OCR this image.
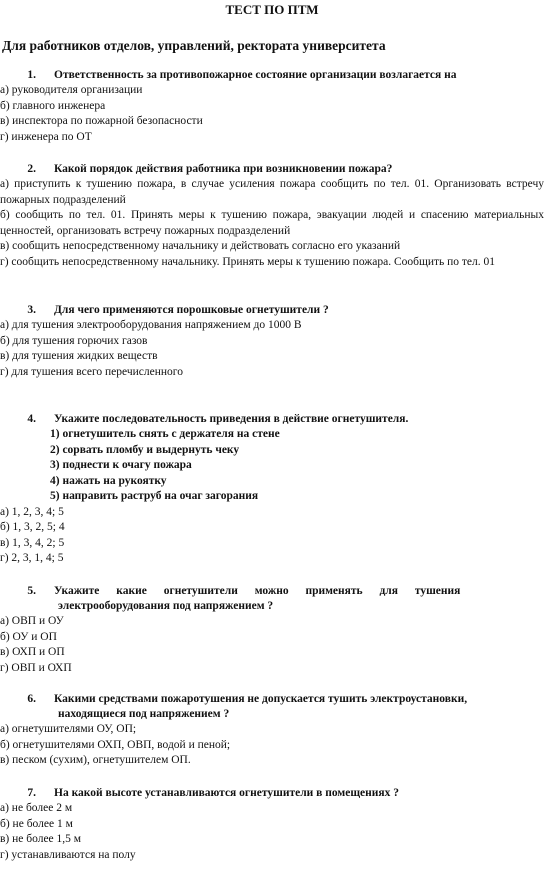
ТЕСТ ПО ПТМ
Для работников отделов, управлений, ректората университета
1. Ответственность за противопожарное состояние организации возлагается на
а) руководителя организации
б) главного инженера
в) инспектора по пожарной безопасности
г) инженера по ОТ
2. Какой порядок действия работника при возникновении пожара?
а) приступить к тушению пожара, в случае усиления пожара сообщить по тел. 01. Организовать встречу пожарных подразделений
б) сообщить по тел. 01. Принять меры к тушению пожара, эвакуации людей и спасению материальных ценностей, организовать встречу пожарных подразделений
в) сообщить непосредственному начальнику и действовать согласно его указаний
г) сообщить непосредственному начальнику. Принять меры к тушению пожара. Сообщить по тел. 01
3. Для чего применяются порошковые огнетушители ?
а) для тушения электрооборудования напряжением до 1000 В
б) для тушения горючих газов
в) для тушения жидких веществ
г) для тушения всего перечисленного
4. Укажите последовательность приведения в действие огнетушителя.
1) огнетушитель снять с держателя на стене
2) сорвать пломбу и выдернуть чеку
3) поднести к очагу пожара
4) нажать на рукоятку
5) направить раструб на очаг загорания
а) 1, 2, 3, 4; 5
б) 1, 3, 2, 5; 4
в) 1, 3, 4, 2; 5
г) 2, 3, 1, 4; 5
5. Укажите какие огнетушители можно применять для тушения
электрооборудования под напряжением ?
а) ОВП и ОУ
б) ОУ и ОП
в) ОХП и ОП
г) ОВП и ОХП
6. Какими средствами пожаротушения не допускается тушить электроустановки,
находящиеся под напряжением ?
а) огнетушителями ОУ, ОП;
б) огнетушителями ОХП, ОВП, водой и пеной;
в) песком (сухим), огнетушителем ОП.
7. На какой высоте устанавливаются огнетушители в помещениях ?
а) не более 2 м
б) не более 1 м
в) не более 1,5 м
г) устанавливаются на полу
